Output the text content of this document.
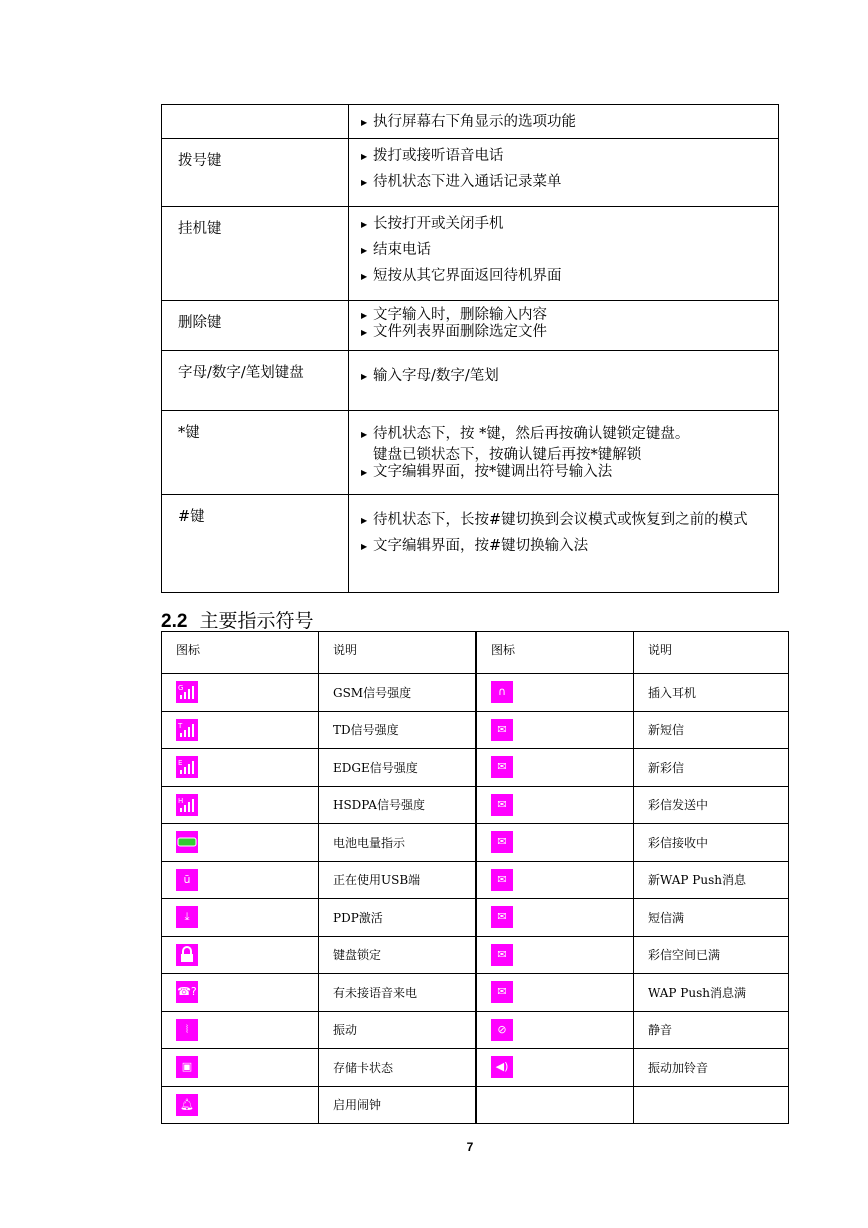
	▶ 执行屏幕右下角显示的选项功能

拨号键	▶ 拨打或接听语音电话
▶ 待机状态下进入通话记录菜单

挂机键	▶ 长按打开或关闭手机
▶ 结束电话
▶ 短按从其它界面返回待机界面

删除键	▶ 文字输入时，删除输入内容
▶ 文件列表界面删除选定文件

字母/数字/笔划键盘	▶ 输入字母/数字/笔划

*键	▶ 待机状态下，按 *键，然后再按确认键锁定键盘。
键盘已锁状态下，按确认键后再按*键解锁
▶ 文字编辑界面，按*键调出符号输入法

#键	▶ 待机状态下，长按#键切换到会议模式或恢复到之前的模式
▶ 文字编辑界面，按#键切换输入法
2.2 主要指示符号
图标	说明	图标	说明

G	GSM信号强度	∩	插入耳机

T	TD信号强度	✉	新短信

E	EDGE信号强度	✉	新彩信

H	HSDPA信号强度	✉	彩信发送中

	电池电量指示	✉	彩信接收中
ū	正在使用USB端	✉	新WAP Push消息
⤓	PDP激活	✉	短信满

	键盘锁定	✉	彩信空间已满
☎?	有未接语音来电	✉	WAP Push消息满
⦚	振动	⊘	静音
▣	存储卡状态	◀)	振动加铃音
🔔︎	启用闹钟		
7
